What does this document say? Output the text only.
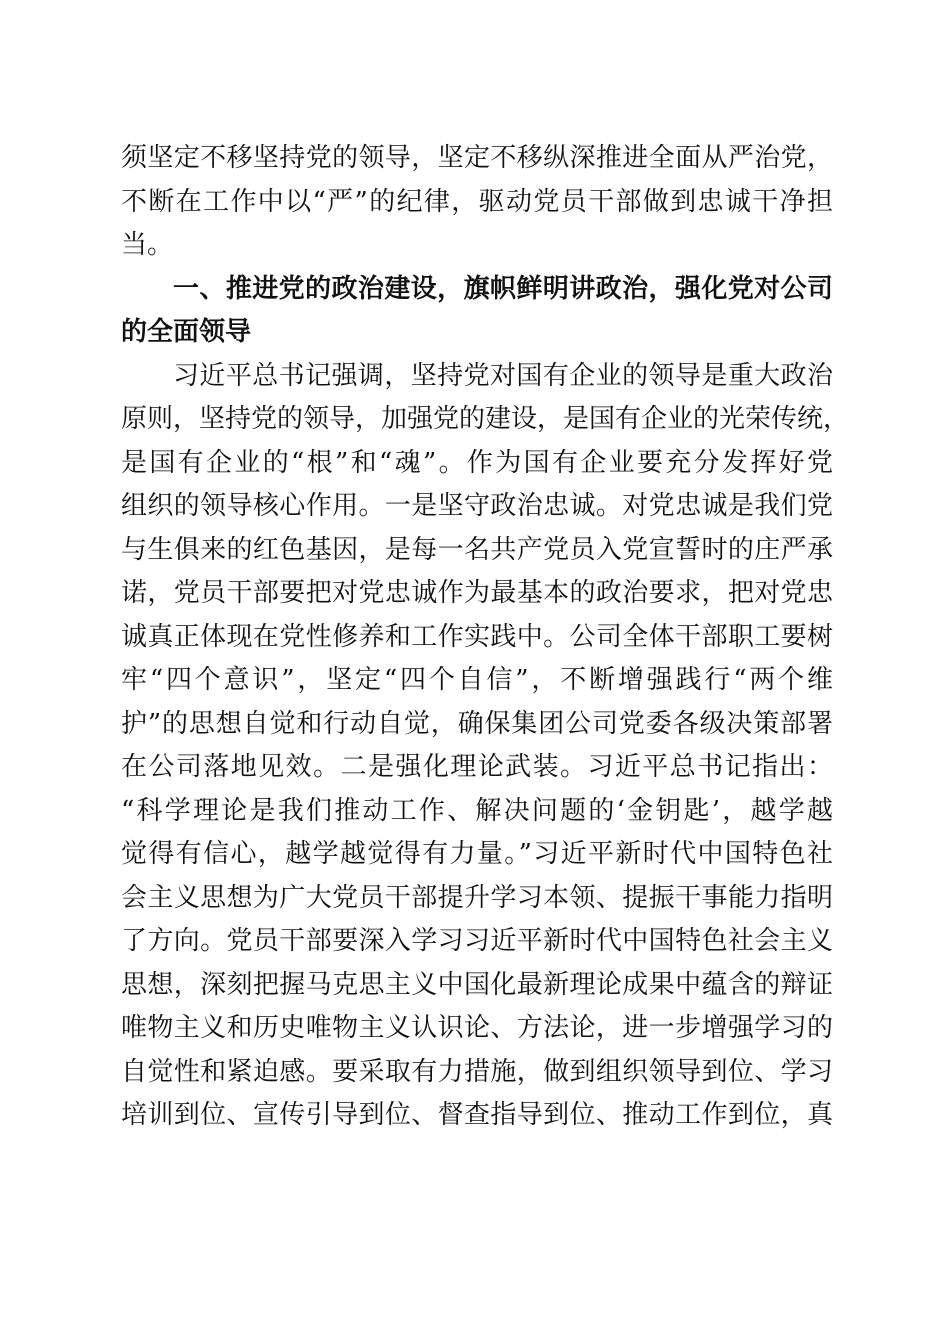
须坚定不移坚持党的领导，坚定不移纵深推进全面从严治党，
不断在工作中以“严”的纪律，驱动党员干部做到忠诚干净担
当。
一、推进党的政治建设，旗帜鲜明讲政治，强化党对公司
的全面领导
习近平总书记强调，坚持党对国有企业的领导是重大政治
原则，坚持党的领导，加强党的建设，是国有企业的光荣传统，
是国有企业的“根”和“魂”。作为国有企业要充分发挥好党
组织的领导核心作用。一是坚守政治忠诚。对党忠诚是我们党
与生俱来的红色基因，是每一名共产党员入党宣誓时的庄严承
诺，党员干部要把对党忠诚作为最基本的政治要求，把对党忠
诚真正体现在党性修养和工作实践中。公司全体干部职工要树
牢“四个意识”，坚定“四个自信”，不断增强践行“两个维
护”的思想自觉和行动自觉，确保集团公司党委各级决策部署
在公司落地见效。二是强化理论武装。习近平总书记指出：
“科学理论是我们推动工作、解决问题的‘金钥匙’，越学越
觉得有信心，越学越觉得有力量。”习近平新时代中国特色社
会主义思想为广大党员干部提升学习本领、提振干事能力指明
了方向。党员干部要深入学习习近平新时代中国特色社会主义
思想，深刻把握马克思主义中国化最新理论成果中蕴含的辩证
唯物主义和历史唯物主义认识论、方法论，进一步增强学习的
自觉性和紧迫感。要采取有力措施，做到组织领导到位、学习
培训到位、宣传引导到位、督查指导到位、推动工作到位，真
